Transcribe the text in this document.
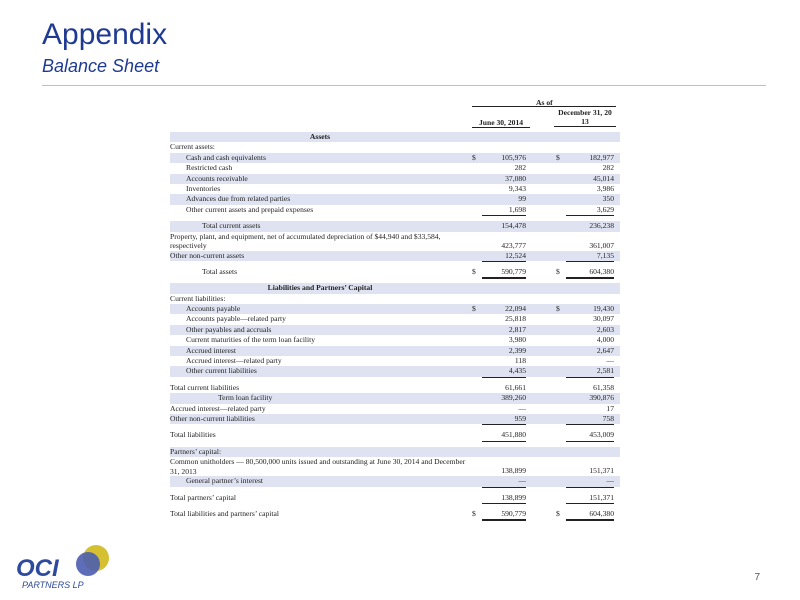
Appendix
Balance Sheet
As of
June 30, 2014
December 31, 20 13
Assets
Current assets:
Cash and cash equivalents	$	105,976	$	182,977
Restricted cash	282	282
Accounts receivable	37,080	45,014
Inventories	9,343	3,986
Advances due from related parties	99	350
Other current assets and prepaid expenses	1,698	3,629
Total current assets	154,478	236,238
Property, plant, and equipment, net of accumulated depreciation of $44,940 and $33,584, respectively	423,777	361,007
Other non-current assets	12,524	7,135
Total assets	$	590,779	$	604,380
Liabilities and Partners’ Capital
Current liabilities:
Accounts payable	$	22,094	$	19,430
Accounts payable—related party	25,818	30,097
Other payables and accruals	2,817	2,603
Current maturities of the term loan facility	3,980	4,000
Accrued interest	2,399	2,647
Accrued interest—related party	118	—
Other current liabilities	4,435	2,581
Total current liabilities	61,661	61,358
Term loan facility	389,260	390,876
Accrued interest—related party	—	17
Other non-current liabilities	959	758
Total liabilities	451,880	453,009
Partners’ capital:
Common unitholders — 80,500,000 units issued and outstanding at June 30, 2014 and December 31, 2013	138,899	151,371
General partner’s interest	—	—
Total partners’ capital	138,899	151,371
Total liabilities and partners’ capital	$	590,779	$	604,380
OCI
PARTNERS LP
7
